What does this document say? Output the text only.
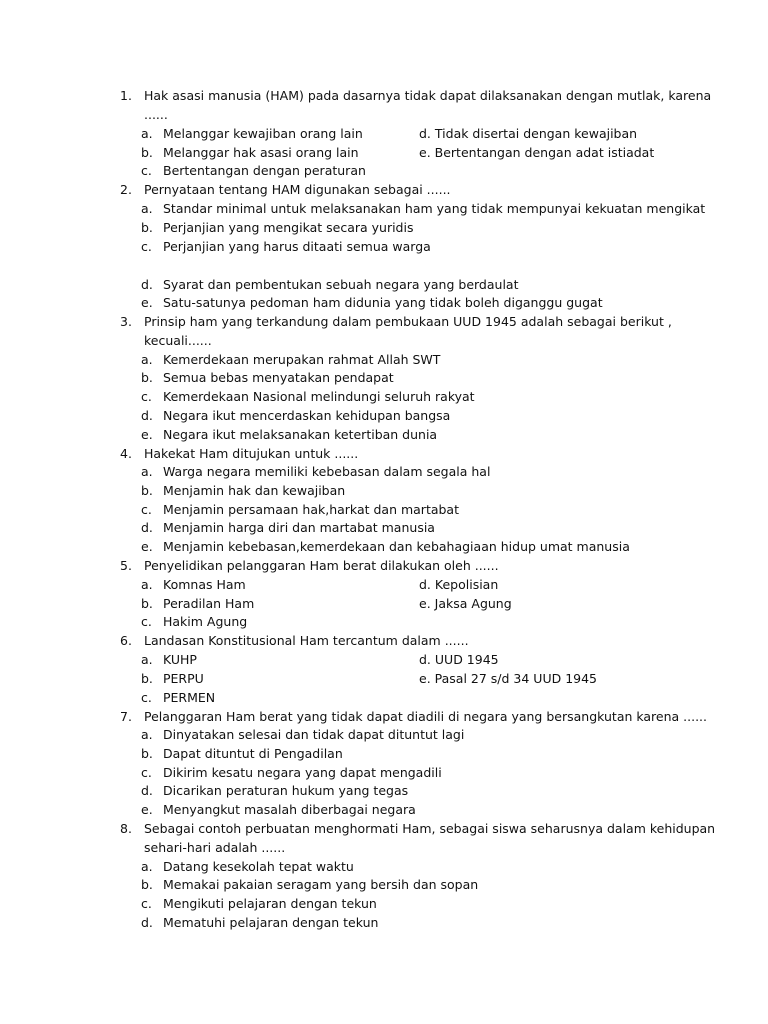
1. Hak asasi manusia (HAM) pada dasarnya tidak dapat dilaksanakan dengan mutlak, karena
......
a. Melanggar kewajiban orang lain	d. Tidak disertai dengan kewajiban
b. Melanggar hak asasi orang lain	e. Bertentangan dengan adat istiadat
c. Bertentangan dengan peraturan
2. Pernyataan tentang HAM digunakan sebagai ......
a. Standar minimal untuk melaksanakan ham yang tidak mempunyai kekuatan mengikat
b. Perjanjian yang mengikat secara yuridis
c. Perjanjian yang harus ditaati semua warga
d. Syarat dan pembentukan sebuah negara yang berdaulat
e. Satu-satunya pedoman ham didunia yang tidak boleh diganggu gugat
3. Prinsip ham yang terkandung dalam pembukaan UUD 1945 adalah sebagai berikut ,
kecuali......
a. Kemerdekaan merupakan rahmat Allah SWT
b. Semua bebas menyatakan pendapat
c. Kemerdekaan Nasional melindungi seluruh rakyat
d. Negara ikut mencerdaskan kehidupan bangsa
e. Negara ikut melaksanakan ketertiban dunia
4. Hakekat Ham ditujukan untuk ......
a. Warga negara memiliki kebebasan dalam segala hal
b. Menjamin hak dan kewajiban
c. Menjamin persamaan hak,harkat dan martabat
d. Menjamin harga diri dan martabat manusia
e. Menjamin kebebasan,kemerdekaan dan kebahagiaan hidup umat manusia
5. Penyelidikan pelanggaran Ham berat dilakukan oleh ......
a. Komnas Ham	d. Kepolisian
b. Peradilan Ham	e. Jaksa Agung
c. Hakim Agung
6. Landasan Konstitusional Ham tercantum dalam ......
a. KUHP	d. UUD 1945
b. PERPU	e. Pasal 27 s/d 34 UUD 1945
c. PERMEN
7. Pelanggaran Ham berat yang tidak dapat diadili di negara yang bersangkutan karena ......
a. Dinyatakan selesai dan tidak dapat dituntut lagi
b. Dapat dituntut di Pengadilan
c. Dikirim kesatu negara yang dapat mengadili
d. Dicarikan peraturan hukum yang tegas
e. Menyangkut masalah diberbagai negara
8. Sebagai contoh perbuatan menghormati Ham, sebagai siswa seharusnya dalam kehidupan
sehari-hari adalah ......
a. Datang kesekolah tepat waktu
b. Memakai pakaian seragam yang bersih dan sopan
c. Mengikuti pelajaran dengan tekun
d. Mematuhi pelajaran dengan tekun
